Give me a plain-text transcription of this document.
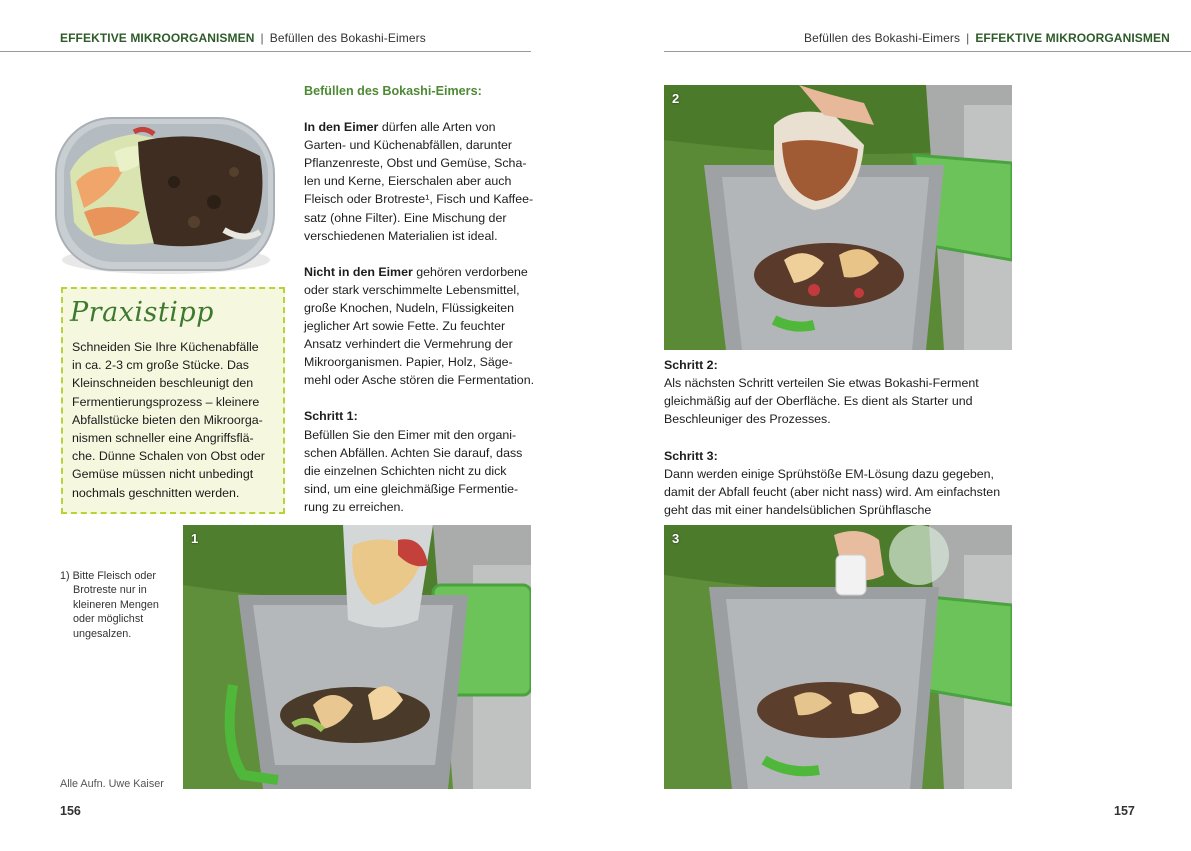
EFFEKTIVE MIKROORGANISMEN | Befüllen des Bokashi-Eimers
Praxistipp
Schneiden Sie Ihre Küchenabfälle
in ca. 2-3 cm große Stücke. Das
Kleinschneiden beschleunigt den
Fermentierungsprozess – kleinere
Abfallstücke bieten den Mikroorga-
nismen schneller eine Angriffsflä-
che. Dünne Schalen von Obst oder
Gemüse müssen nicht unbedingt
nochmals geschnitten werden.
1) Bitte Fleisch oder
Brotreste nur in
kleineren Mengen
oder möglichst
ungesalzen.
Alle Aufn. Uwe Kaiser
156

Befüllen des Bokashi-Eimers:

In den Eimer dürfen alle Arten von

Garten- und Küchenabfällen, darunter

Pflanzenreste, Obst und Gemüse, Scha-

len und Kerne, Eierschalen aber auch

Fleisch oder Brotreste¹, Fisch und Kaffee-

satz (ohne Filter). Eine Mischung der

verschiedenen Materialien ist ideal.

Nicht in den Eimer gehören verdorbene

oder stark verschimmelte Lebensmittel,

große Knochen, Nudeln, Flüssigkeiten

jeglicher Art sowie Fette. Zu feuchter

Ansatz verhindert die Vermehrung der

Mikroorganismen. Papier, Holz, Säge-

mehl oder Asche stören die Fermentation.

Schritt 1:

Befüllen Sie den Eimer mit den organi-

schen Abfällen. Achten Sie darauf, dass

die einzelnen Schichten nicht zu dick

sind, um eine gleichmäßige Fermentie-

rung zu erreichen.

1
Befüllen des Bokashi-Eimers | EFFEKTIVE MIKROORGANISMEN
2

Schritt 2:

Als nächsten Schritt verteilen Sie etwas Bokashi-Ferment

gleichmäßig auf der Oberfläche. Es dient als Starter und

Beschleuniger des Prozesses.

Schritt 3:

Dann werden einige Sprühstöße EM-Lösung dazu gegeben,

damit der Abfall feucht (aber nicht nass) wird. Am einfachsten

geht das mit einer handelsüblichen Sprühflasche

3
157
